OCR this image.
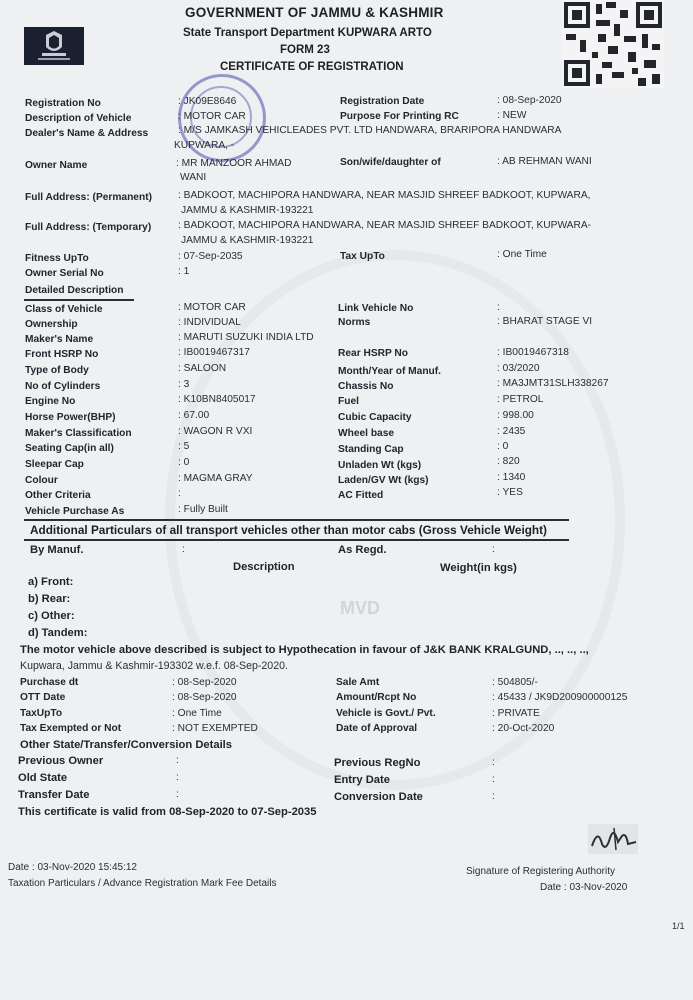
MVD
GOVERNMENT OF JAMMU & KASHMIR
State Transport Department KUPWARA ARTO
FORM 23
CERTIFICATE OF REGISTRATION
Registration No	: JK09E8646	Registration Date	: 08-Sep-2020
Description of Vehicle	: MOTOR CAR	Purpose For Printing RC	: NEW
Dealer's Name & Address	: M/S JAMKASH VEHICLEADES PVT. LTD HANDWARA, BRARIPORA HANDWARA
KUPWARA, -
Owner Name	: MR MANZOOR AHMAD
WANI
Son/wife/daughter of	: AB REHMAN WANI
Full Address: (Permanent)	: BADKOOT, MACHIPORA HANDWARA, NEAR MASJID SHREEF BADKOOT, KUPWARA,
JAMMU & KASHMIR-193221
Full Address: (Temporary)	: BADKOOT, MACHIPORA HANDWARA, NEAR MASJID SHREEF BADKOOT, KUPWARA-
JAMMU & KASHMIR-193221
Fitness UpTo	: 07-Sep-2035	Tax UpTo	: One Time
Owner Serial No	: 1
Detailed Description
Class of Vehicle	: MOTOR CAR	Link Vehicle No	:
Ownership	: INDIVIDUAL	Norms	: BHARAT STAGE VI
Maker's Name	: MARUTI SUZUKI INDIA LTD
Front HSRP No	: IB0019467317	Rear HSRP No	: IB0019467318
Type of Body	: SALOON	Month/Year of Manuf.	: 03/2020
No of Cylinders	: 3	Chassis No	: MA3JMT31SLH338267
Engine No	: K10BN8405017	Fuel	: PETROL
Horse Power(BHP)	: 67.00	Cubic Capacity	: 998.00
Maker's Classification	: WAGON R VXI	Wheel base	: 2435
Seating Cap(in all)	: 5	Standing Cap	: 0
Sleepar Cap	: 0	Unladen Wt (kgs)	: 820
Colour	: MAGMA GRAY	Laden/GV Wt (kgs)	: 1340
Other Criteria	:	AC Fitted	: YES
Vehicle Purchase As	: Fully Built
Additional Particulars of all transport vehicles other than motor cabs (Gross Vehicle Weight)
By Manuf.	:	As Regd.	:
Description	Weight(in kgs)
a) Front:
b) Rear:
c) Other:
d) Tandem:
The motor vehicle above described is subject to Hypothecation in favour of J&K BANK KRALGUND, .., .., ..,
Kupwara, Jammu & Kashmir-193302 w.e.f. 08-Sep-2020.
Purchase dt	: 08-Sep-2020	Sale Amt	: 504805/-
OTT Date	: 08-Sep-2020	Amount/Rcpt No	: 45433 / JK9D200900000125
TaxUpTo	: One Time	Vehicle is Govt./ Pvt.	: PRIVATE
Tax Exempted or Not	: NOT EXEMPTED	Date of Approval	: 20-Oct-2020
Other State/Transfer/Conversion Details
Previous Owner	:	Previous RegNo	:
Old State	:	Entry Date	:
Transfer Date	:	Conversion Date	:
This certificate is valid from 08-Sep-2020 to 07-Sep-2035
Date : 03-Nov-2020 15:45:12
Taxation Particulars / Advance Registration Mark Fee Details
Signature of Registering Authority
Date : 03-Nov-2020
1/1
